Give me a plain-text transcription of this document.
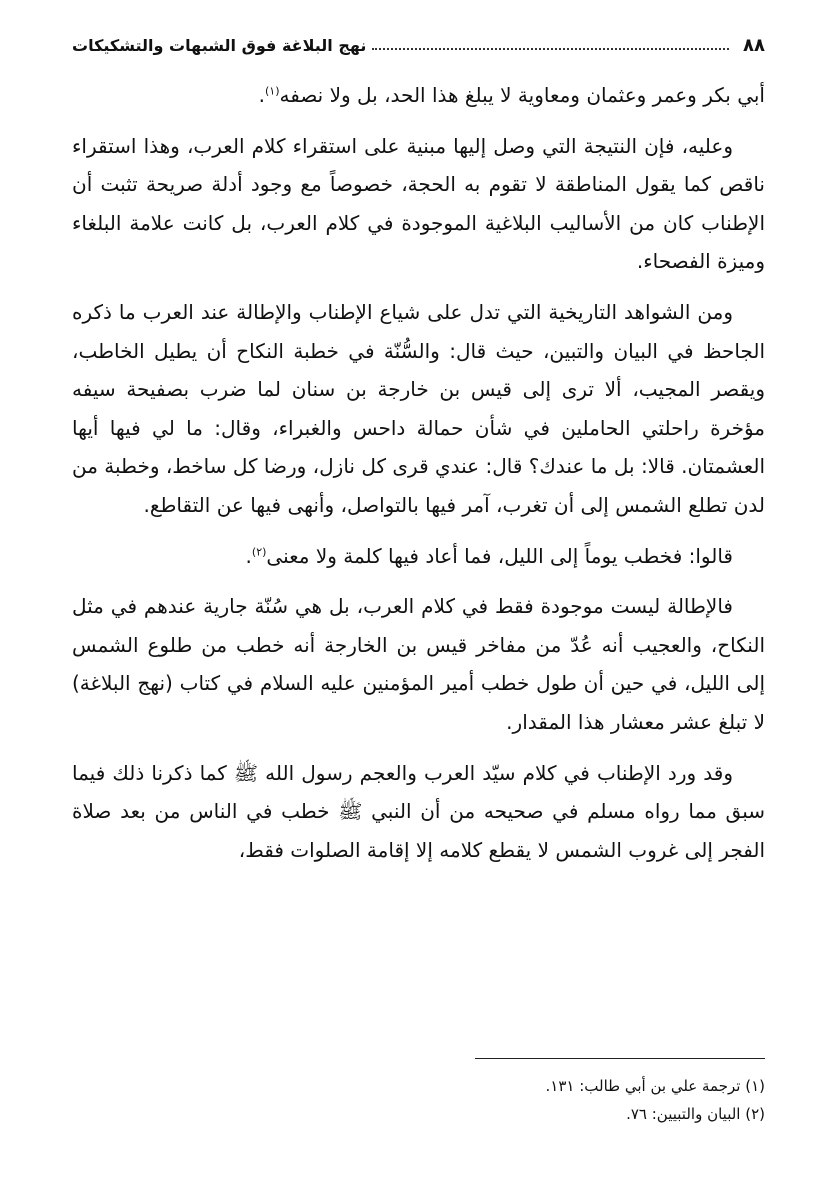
٨٨
نهج البلاغة فوق الشبهات والتشكيكات

أبي بكر وعمر وعثمان ومعاوية لا يبلغ هذا الحد، بل ولا نصفه$^{(١)}$.

وعليه، فإن النتيجة التي وصل إليها مبنية على استقراء كلام العرب، وهذا استقراء ناقص كما يقول المناطقة لا تقوم به الحجة، خصوصاً مع وجود أدلة صريحة تثبت أن الإطناب كان من الأساليب البلاغية الموجودة في كلام العرب، بل كانت علامة البلغاء وميزة الفصحاء.

ومن الشواهد التاريخية التي تدل على شياع الإطناب والإطالة عند العرب ما ذكره الجاحظ في البيان والتبين، حيث قال: والسُّنّة في خطبة النكاح أن يطيل الخاطب، ويقصر المجيب، ألا ترى إلى قيس بن خارجة بن سنان لما ضرب بصفيحة سيفه مؤخرة راحلتي الحاملين في شأن حمالة داحس والغبراء، وقال: ما لي فيها أيها العشمتان. قالا: بل ما عندك؟ قال: عندي قرى كل نازل، ورضا كل ساخط، وخطبة من لدن تطلع الشمس إلى أن تغرب، آمر فيها بالتواصل، وأنهى فيها عن التقاطع.

قالوا: فخطب يوماً إلى الليل، فما أعاد فيها كلمة ولا معنى$^{(٢)}$.

فالإطالة ليست موجودة فقط في كلام العرب، بل هي سُنّة جارية عندهم في مثل النكاح، والعجيب أنه عُدّ من مفاخر قيس بن الخارجة أنه خطب من طلوع الشمس إلى الليل، في حين أن طول خطب أمير المؤمنين عليه السلام في كتاب (نهج البلاغة) لا تبلغ عشر معشار هذا المقدار.

وقد ورد الإطناب في كلام سيّد العرب والعجم رسول الله ﷺ كما ذكرنا ذلك فيما سبق مما رواه مسلم في صحيحه من أن النبي ﷺ خطب في الناس من بعد صلاة الفجر إلى غروب الشمس لا يقطع كلامه إلا إقامة الصلوات فقط،

(١) ترجمة علي بن أبي طالب: ١٣١.

(٢) البيان والتبيين: ٧٦.
